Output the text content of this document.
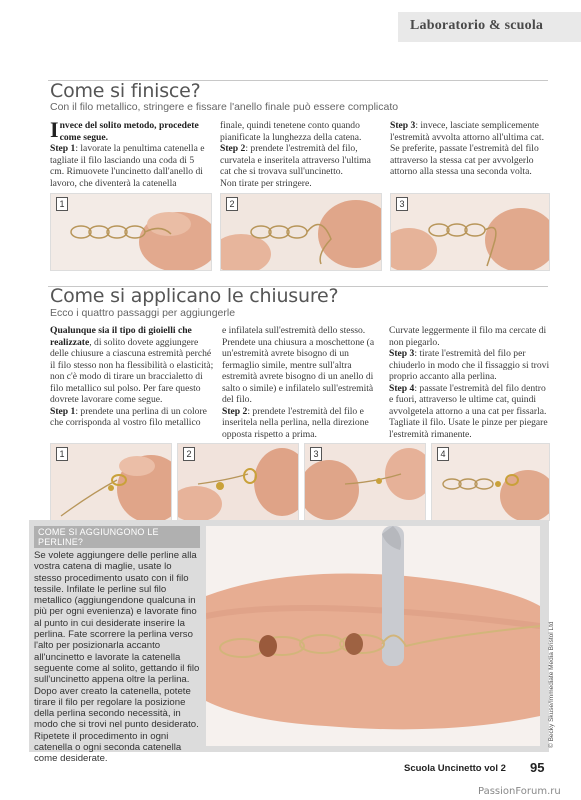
Laboratorio & scuola
Come si finisce?
Con il filo metallico, stringere e fissare l'anello finale può essere complicato

Invece del solito metodo, procedete come segue.
Step 1: lavorate la penultima catenella e tagliate il filo lasciando una coda di 5 cm. Rimuovete l'uncinetto dall'anello di lavoro, che diventerà la catenella

finale, quindi tenetene conto quando pianificate la lunghezza della catena.
Step 2: prendete l'estremità del filo, curvatela e inseritela attraverso l'ultima cat che si trovava sull'uncinetto.
Non tirate per stringere.

Step 3: invece, lasciate semplicemente l'estremità avvolta attorno all'ultima cat. Se preferite, passate l'estremità del filo attraverso la stessa cat per avvolgerlo attorno alla stessa una seconda volta.

1	2	3
Come si applicano le chiusure?
Ecco i quattro passaggi per aggiungerle

Qualunque sia il tipo di gioielli che realizzate, di solito dovete aggiungere delle chiusure a ciascuna estremità perché il filo stesso non ha flessibilità o elasticità; non c'è modo di tirare un braccialetto di filo metallico sul polso. Per fare questo dovrete lavorare come segue.
Step 1: prendete una perlina di un colore che corrisponda al vostro filo metallico

e infilatela sull'estremità dello stesso. Prendete una chiusura a moschettone (a un'estremità avrete bisogno di un fermaglio simile, mentre sull'altra estremità avrete bisogno di un anello di salto o simile) e infilatelo sull'estremità del filo.
Step 2: prendete l'estremità del filo e inseritela nella perlina, nella direzione opposta rispetto a prima.

Curvate leggermente il filo ma cercate di non piegarlo.
Step 3: tirate l'estremità del filo per chiuderlo in modo che il fissaggio si trovi proprio accanto alla perlina.
Step 4: passate l'estremità del filo dentro e fuori, attraverso le ultime cat, quindi avvolgetela attorno a una cat per fissarla. Tagliate il filo. Usate le pinze per piegare l'estremità rimanente.

1	2	3	4
COME SI AGGIUNGONO LE PERLINE?

Se volete aggiungere delle perline alla vostra catena di maglie, usate lo stesso procedimento usato con il filo tessile. Infilate le perline sul filo metallico (aggiungendone qualcuna in più per ogni evenienza) e lavorate fino al punto in cui desiderate inserire la perlina. Fate scorrere la perlina verso l'alto per posizionarla accanto all'uncinetto e lavorate la catenella seguente come al solito, gettando il filo sull'uncinetto appena oltre la perlina. Dopo aver creato la catenella, potete tirare il filo per regolare la posizione della perlina secondo necessità, in modo che si trovi nel punto desiderato. Ripetete il procedimento in ogni catenella o ogni seconda catenella come desiderate.

© Becky Skuse/Immediate Media Bristol Ltd
Scuola Uncinetto vol 2 95
PassionForum.ru
